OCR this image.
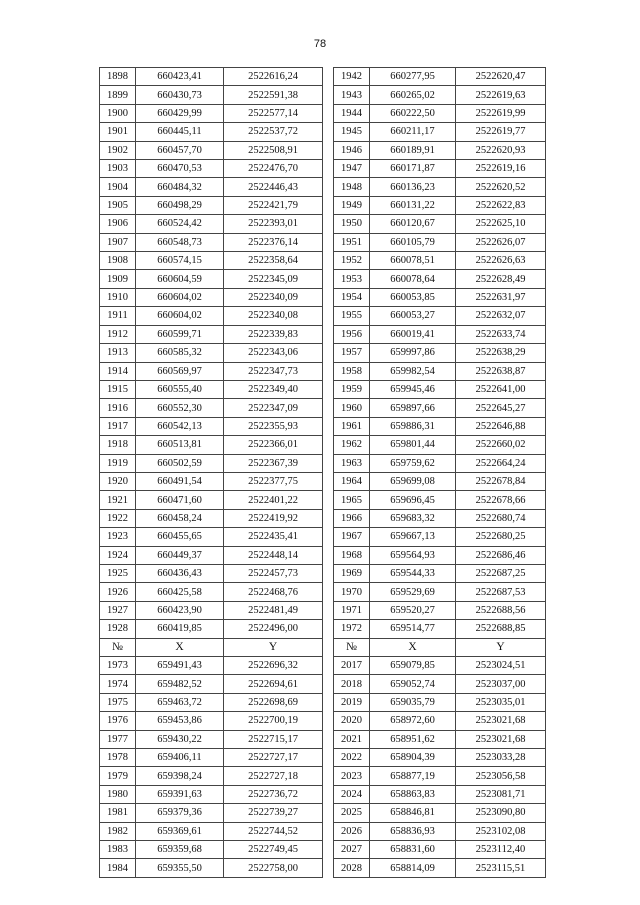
78
1898	660423,41	2522616,24
1899	660430,73	2522591,38
1900	660429,99	2522577,14
1901	660445,11	2522537,72
1902	660457,70	2522508,91
1903	660470,53	2522476,70
1904	660484,32	2522446,43
1905	660498,29	2522421,79
1906	660524,42	2522393,01
1907	660548,73	2522376,14
1908	660574,15	2522358,64
1909	660604,59	2522345,09
1910	660604,02	2522340,09
1911	660604,02	2522340,08
1912	660599,71	2522339,83
1913	660585,32	2522343,06
1914	660569,97	2522347,73
1915	660555,40	2522349,40
1916	660552,30	2522347,09
1917	660542,13	2522355,93
1918	660513,81	2522366,01
1919	660502,59	2522367,39
1920	660491,54	2522377,75
1921	660471,60	2522401,22
1922	660458,24	2522419,92
1923	660455,65	2522435,41
1924	660449,37	2522448,14
1925	660436,43	2522457,73
1926	660425,58	2522468,76
1927	660423,90	2522481,49
1928	660419,85	2522496,00
№	X	Y
1973	659491,43	2522696,32
1974	659482,52	2522694,61
1975	659463,72	2522698,69
1976	659453,86	2522700,19
1977	659430,22	2522715,17
1978	659406,11	2522727,17
1979	659398,24	2522727,18
1980	659391,63	2522736,72
1981	659379,36	2522739,27
1982	659369,61	2522744,52
1983	659359,68	2522749,45
1984	659355,50	2522758,00
1942	660277,95	2522620,47
1943	660265,02	2522619,63
1944	660222,50	2522619,99
1945	660211,17	2522619,77
1946	660189,91	2522620,93
1947	660171,87	2522619,16
1948	660136,23	2522620,52
1949	660131,22	2522622,83
1950	660120,67	2522625,10
1951	660105,79	2522626,07
1952	660078,51	2522626,63
1953	660078,64	2522628,49
1954	660053,85	2522631,97
1955	660053,27	2522632,07
1956	660019,41	2522633,74
1957	659997,86	2522638,29
1958	659982,54	2522638,87
1959	659945,46	2522641,00
1960	659897,66	2522645,27
1961	659886,31	2522646,88
1962	659801,44	2522660,02
1963	659759,62	2522664,24
1964	659699,08	2522678,84
1965	659696,45	2522678,66
1966	659683,32	2522680,74
1967	659667,13	2522680,25
1968	659564,93	2522686,46
1969	659544,33	2522687,25
1970	659529,69	2522687,53
1971	659520,27	2522688,56
1972	659514,77	2522688,85
№	X	Y
2017	659079,85	2523024,51
2018	659052,74	2523037,00
2019	659035,79	2523035,01
2020	658972,60	2523021,68
2021	658951,62	2523021,68
2022	658904,39	2523033,28
2023	658877,19	2523056,58
2024	658863,83	2523081,71
2025	658846,81	2523090,80
2026	658836,93	2523102,08
2027	658831,60	2523112,40
2028	658814,09	2523115,51
